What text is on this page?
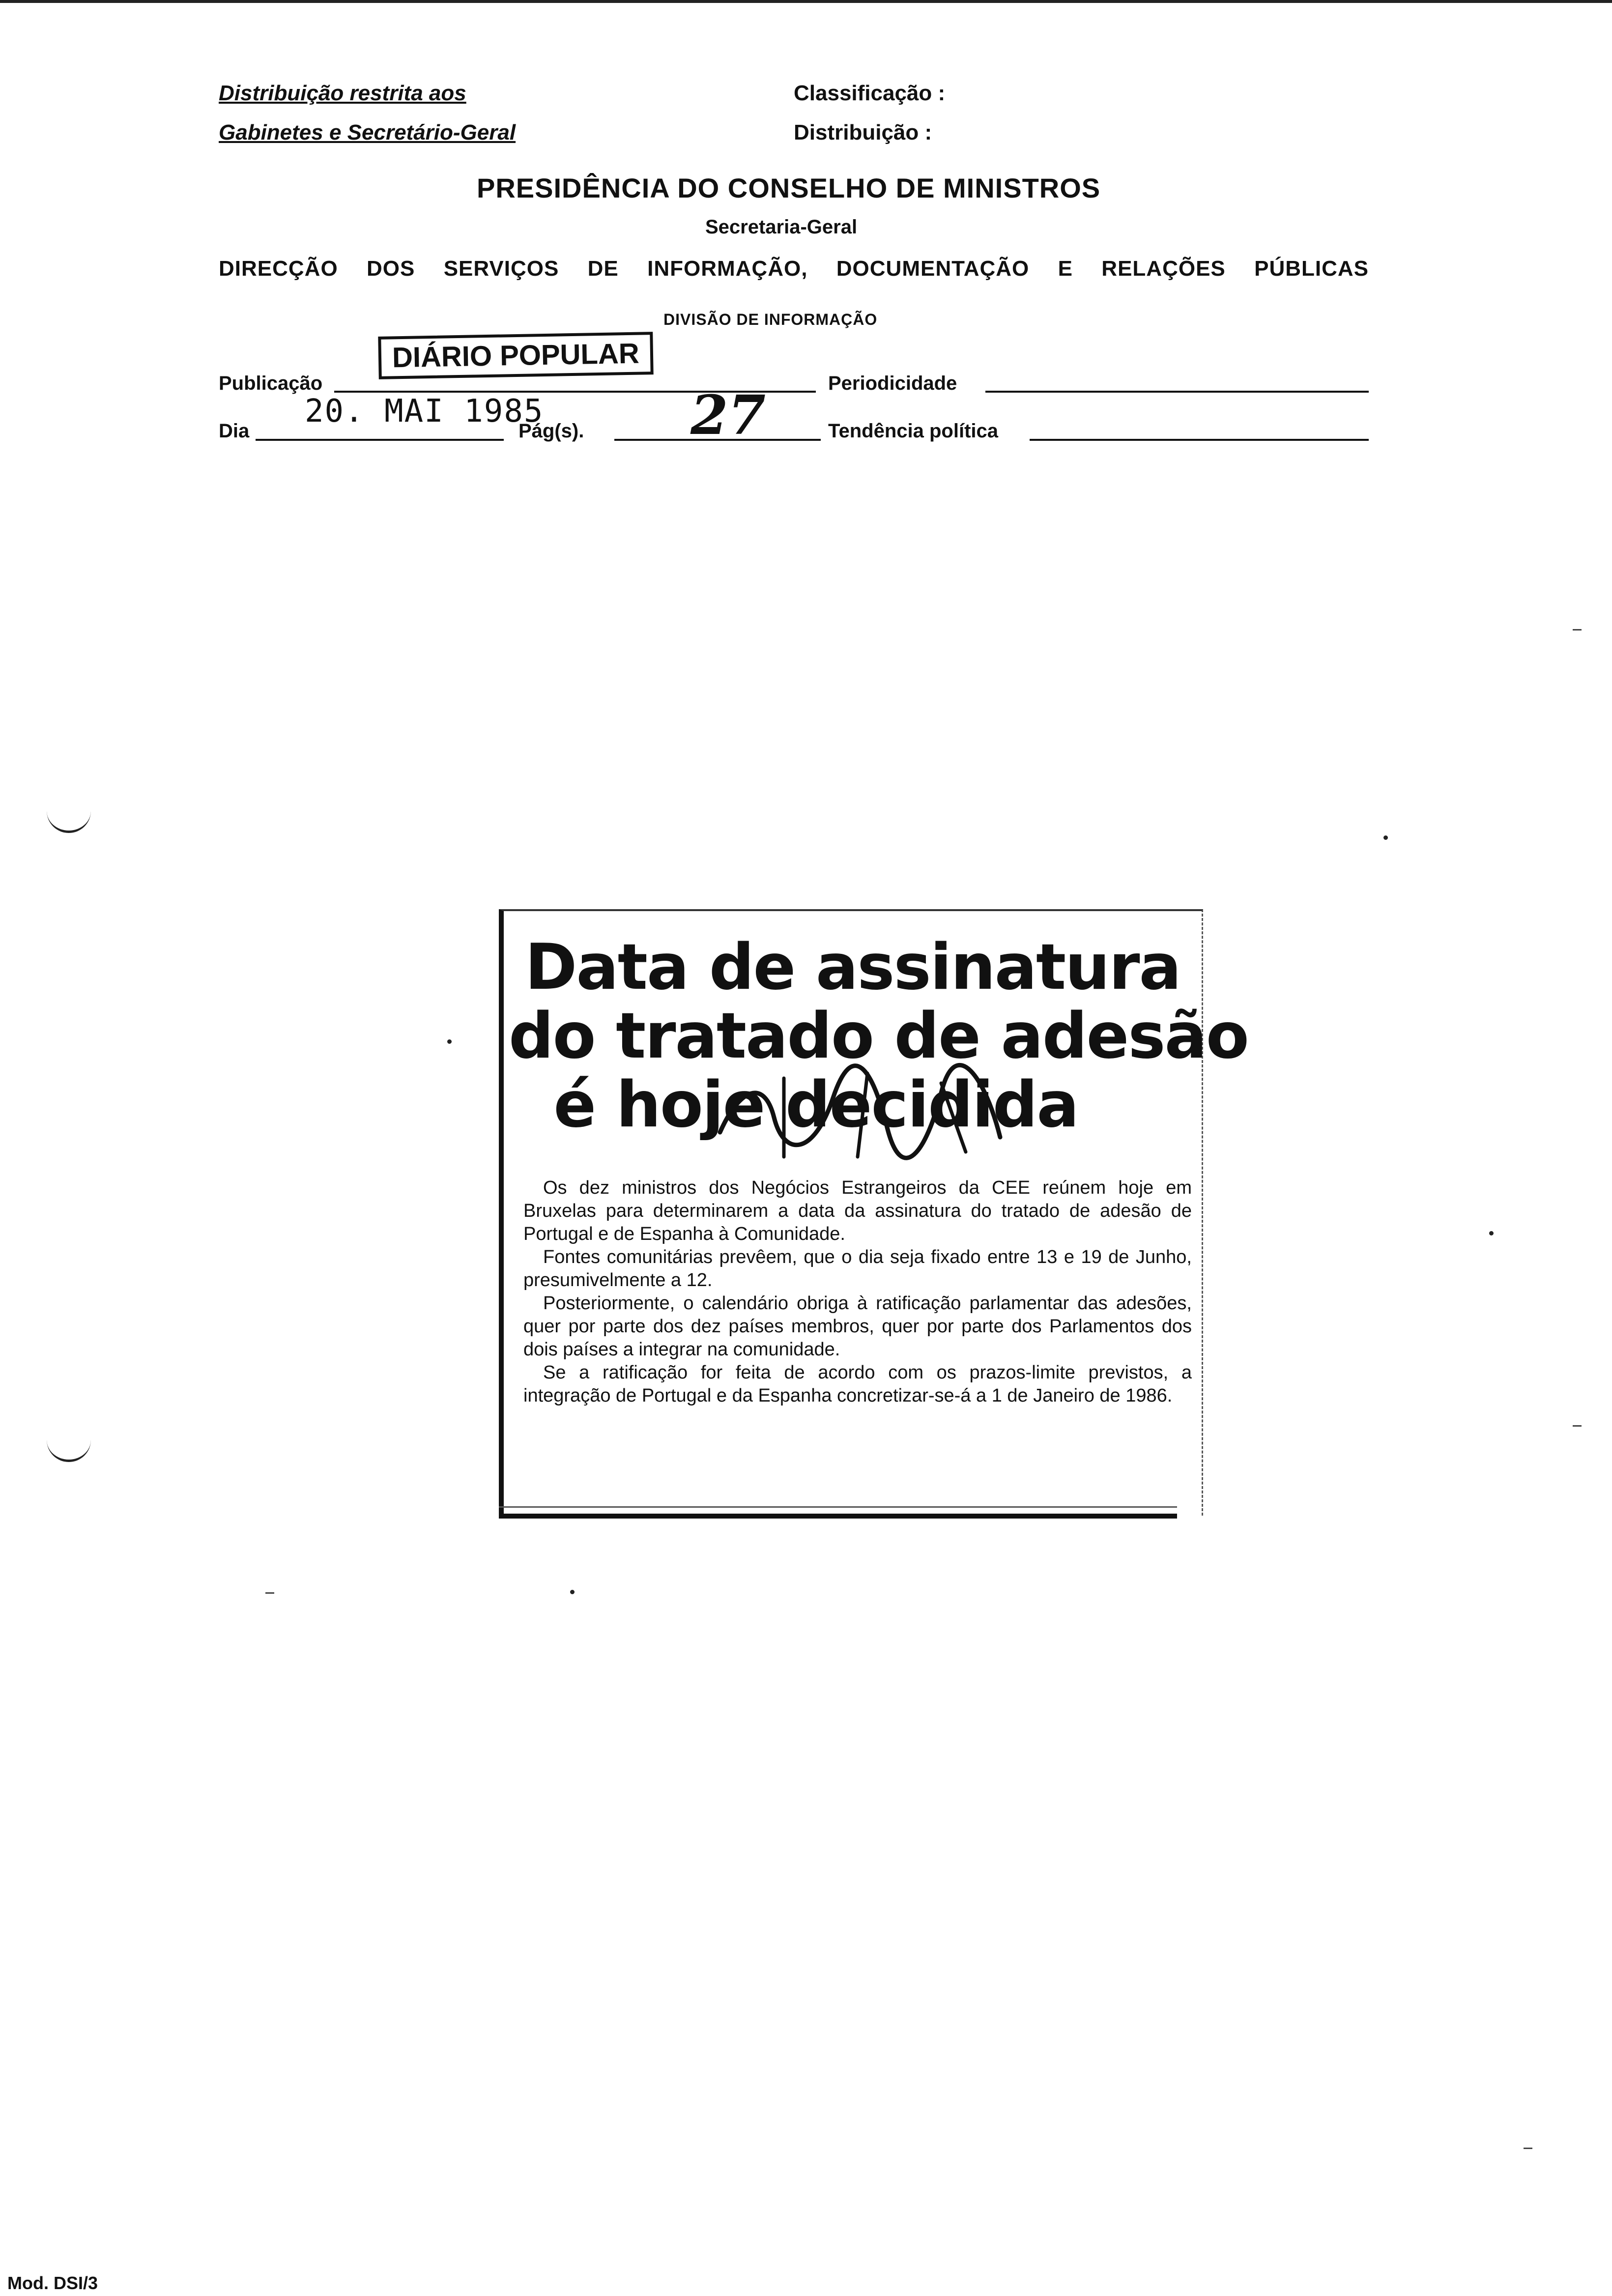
Distribuição restrita aos
Gabinetes e Secretário-Geral
Classificação :
Distribuição :
PRESIDÊNCIA DO CONSELHO DE MINISTROS
Secretaria-Geral
DIRECÇÃO DOS SERVIÇOS DE INFORMAÇÃO, DOCUMENTAÇÃO E RELAÇÕES PÚBLICAS
DIVISÃO DE INFORMAÇÃO
Publicação
DIÁRIO POPULAR
Periodicidade
Dia
20. MAI 1985
Pág(s). 27	Tendência política
Data de assinatura
do tratado de adesão
é hoje decidida

Os dez ministros dos Negócios Estrangeiros da CEE reúnem hoje em Bruxelas para determinarem a data da assinatura do tratado de adesão de Portugal e de Espanha à Comunidade.

Fontes comunitárias prevêem, que o dia seja fixado entre 13 e 19 de Junho, presumivelmente a 12.

Posteriormente, o calendário obriga à ratificação parlamentar das adesões, quer por parte dos dez países membros, quer por parte dos Parlamentos dos dois países a integrar na comunidade.

Se a ratificação for feita de acordo com os prazos-limite previstos, a integração de Portugal e da Espanha concretizar-se-á a 1 de Janeiro de 1986.

Mod. DSI/3
